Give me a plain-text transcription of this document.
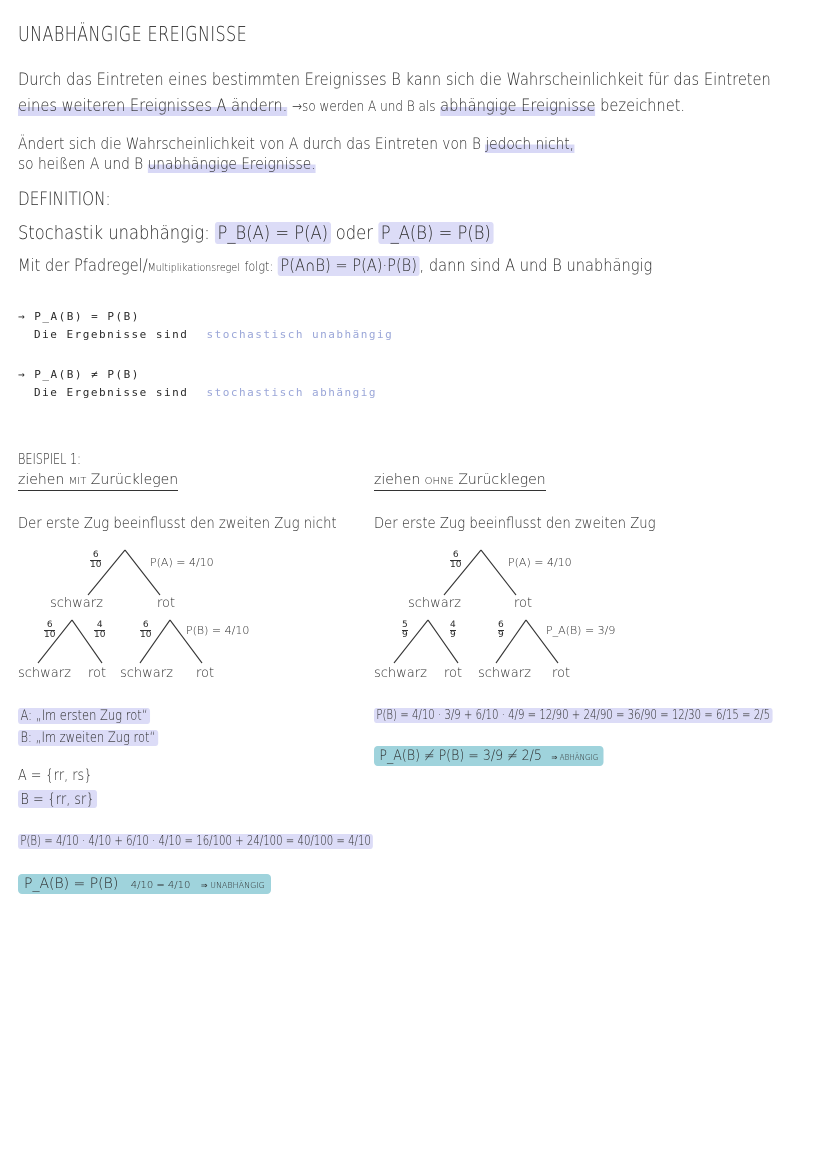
UNABHÄNGIGE EREIGNISSE
Durch das Eintreten eines bestimmten Ereignisses B kann sich die Wahrscheinlichkeit für das Eintreten
eines weiteren Ereignisses A ändern. →so werden A und B als abhängige Ereignisse bezeichnet.
Ändert sich die Wahrscheinlichkeit von A durch das Eintreten von B jedoch nicht,
so heißen A und B unabhängige Ereignisse.
DEFINITION:
Stochastik unabhängig: P_B(A) = P(A) oder P_A(B) = P(B)
Mit der Pfadregel/Multiplikationsregel folgt: P(A∩B) = P(A)·P(B) , dann sind A und B unabhängig
→ P_A(B) = P(B)
Die Ergebnisse sind stochastisch unabhängig
→ P_A(B) ≠ P(B)
Die Ergebnisse sind stochastisch abhängig
BEISPIEL 1:
ziehen MIT Zurücklegen
Der erste Zug beeinflusst den zweiten Zug nicht
$\frac{6}{10}$	P(A) = 4/10
schwarz	rot
$\frac{6}{10}$	$\frac{4}{10}$	$\frac{6}{10}$	P(B) = 4/10
schwarz rot schwarz rot
A: „Im ersten Zug rot“
B: „Im zweiten Zug rot“
A = {rr, rs}
B = {rr, sr}
P(B) = 4/10 · 4/10 + 6/10 · 4/10 = 16/100 + 24/100 = 40/100 = 4/10
P_A(B) = P(B) 4/10 = 4/10 ⇒ UNABHÄNGIG
ziehen OHNE Zurücklegen
Der erste Zug beeinflusst den zweiten Zug
$\frac{6}{10}$	P(A) = 4/10
schwarz	rot
$\frac{5}{9}$	$\frac{4}{9}$	$\frac{6}{9}$	P_A(B) = 3/9
schwarz rot schwarz rot
P(B) = 4/10 · 3/9 + 6/10 · 4/9 = 12/90 + 24/90 = 36/90 = 12/30 = 6/15 = 2/5
P_A(B) ≠ P(B) = 3/9 ≠ 2/5 ⇒ ABHÄNGIG
